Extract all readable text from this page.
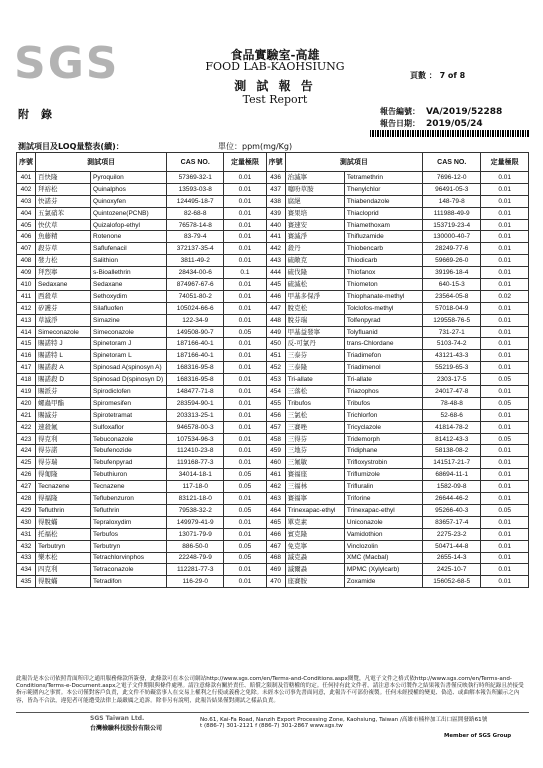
SGS	食品實驗室-高雄
FOOD LAB-KAOHSIUNG
測 試 報 告
Test Report
頁數 ： 7 of 8
附錄	報告編號： VA/2019/52288
報告日期： 2019/05/24
測試項目及LOQ量整表(續)：	單位：ppm(mg/Kg)
序號	測試項目		CAS NO.	定量極限	序號	測試項目		CAS NO.	定量極限
401	百快隆	Pyroquilon	57369-32-1	0.01	436	治滅寧	Tetramethrin	7696-12-0	0.01
402	拜裕松	Quinalphos	13593-03-8	0.01	437	噻吩草胺	Thenylchlor	96491-05-3	0.01
403	快諾芬	Quinoxyfen	124495-18-7	0.01	438	腐絕	Thiabendazole	148-79-8	0.01
404	五氯硝苯	Quintozene(PCNB)	82-68-8	0.01	439	賽果培	Thiacloprid	111988-49-9	0.01
405	快伏草	Quizalofop-ethyl	76578-14-8	0.01	440	賽速安	Thiamethoxam	153719-23-4	0.01
406	魚藤精	Rotenone	83-79-4	0.01	441	賽滅淨	Thifluzamide	130000-40-7	0.01
407	殺芬草	Saflufenacil	372137-35-4	0.01	442	殺丹	Thiobencarb	28249-77-6	0.01
408	發力松	Salithion	3811-49-2	0.01	443	硫敵克	Thiodicarb	59669-26-0	0.01
409	拜烈寧	s-Bioallethrin	28434-00-6	0.1	444	硫伐隆	Thiofanox	39196-18-4	0.01
410	Sedaxane	Sedaxane	874967-67-6	0.01	445	硫滅松	Thiometon	640-15-3	0.01
411	西殺草	Sethoxydim	74051-80-2	0.01	446	甲基多保淨	Thiophanate-methyl	23564-05-8	0.02
412	矽護芬	Silafluofen	105024-66-6	0.01	447	脫克松	Tolclofos-methyl	57018-04-9	0.01
413	草滅淨	Simazine	122-34-9	0.01	448	脫芬瑞	Tolfenpyrad	129558-76-5	0.01
414	Simeconazole	Simeconazole	149508-90-7	0.05	449	甲基益發寧	Tolyfluanid	731-27-1	0.01
415	賜諾特 J	Spinetoram J	187166-40-1	0.01	450	反-可氯丹	trans-Chlordane	5103-74-2	0.01
416	賜諾特 L	Spinetoram L	187166-40-1	0.01	451	三泰芬	Triadimefon	43121-43-3	0.01
417	賜諾殺 A	Spinosad A(spinosyn A)	168316-95-8	0.01	452	三泰隆	Triadimenol	55219-65-3	0.01
418	賜諾殺 D	Spinosad D(spinosyn D)	168316-95-8	0.01	453	Tri-allate	Tri-allate	2303-17-5	0.05
419	賜派芬	Spirodiclofen	148477-71-8	0.01	454	三落松	Triazophos	24017-47-8	0.01
420	螺蟲甲酯	Spiromesifen	283594-90-1	0.01	455	Tribufos	Tribufos	78-48-8	0.05
421	賜滅芬	Spirotetramat	203313-25-1	0.01	456	三氯松	Trichlorfon	52-68-6	0.01
422	速殺氟	Sulfoxaflor	946578-00-3	0.01	457	三賽唑	Tricyclazole	41814-78-2	0.01
423	得克利	Tebuconazole	107534-96-3	0.01	458	三得芬	Tridemorph	81412-43-3	0.05
424	得芬諾	Tebufenozide	112410-23-8	0.01	459	三地芬	Tridiphane	58138-08-2	0.01
425	得芬瑞	Tebufenpyrad	119168-77-3	0.01	460	三氟敏	Trifloxystrobin	141517-21-7	0.01
426	得匍隆	Tebuthiuron	34014-18-1	0.05	461	賽福座	Triflumizole	68694-11-1	0.01
427	Tecnazene	Tecnazene	117-18-0	0.05	462	三福林	Trifluralin	1582-09-8	0.01
428	得福隆	Teflubenzuron	83121-18-0	0.01	463	賽福寧	Triforine	26644-46-2	0.01
429	Tefluthrin	Tefluthrin	79538-32-2	0.05	464	Trinexapac-ethyl	Trinexapac-ethyl	95266-40-3	0.05
430	得脫蟎	Tepraloxydim	149979-41-9	0.01	465	單克素	Uniconazole	83657-17-4	0.01
431	托福松	Terbufos	13071-79-9	0.01	466	賓克隆	Vamidothion	2275-23-2	0.01
432	Terbutryn	Terbutryn	886-50-0	0.05	467	免克寧	Vinclozolin	50471-44-8	0.01
433	樂本松	Tetrachlorvinphos	22248-79-9	0.05	468	滅克蝨	XMC (Macbal)	2655-14-3	0.01
434	四克利	Tetraconazole	112281-77-3	0.01	469	滅爾蝨	MPMC (Xylylcarb)	2425-10-7	0.01
435	得脫蟎	Tetradifon	116-29-0	0.01	470	座賽胺	Zoxamide	156052-68-5	0.01
此報告是本公司依照背面所印之通用服務條款所簽發，此條款可在本公司網站http://www.sgs.com/en/Terms-and-Conditions.aspx閱覽，凡電子文件之格式依http://www.sgs.com/en/Terms-and-Conditions/Terms-e-Document.aspx之電子文件期限與條件處理。請注意條款有關於責任、賠償之限制及管轄權的約定。任何持有此文件者，請注意本公司製作之結果報告書僅反映執行時所紀錄且於接受指示範圍內之事實。本公司僅對客戶負責，此文件不妨礙當事人在交易上權利之行使或義務之免除。未經本公司事先書面同意，此報告不可部份複製。任何未經授權的變更、偽造、或曲解本報告所顯示之內容，皆為不合法，違犯者可能遭受法律上最嚴厲之追訴。除非另有說明，此報告結果僅對測試之樣品負責。
SGS Taiwan Ltd.
台灣檢驗科技股份有限公司
No.61, Kai-Fa Road, Nanzih Export Processing Zone, Kaohsiung, Taiwan /高雄市楠梓加工出口區開發路61號
t (886-7) 301-2121 f (886-7) 301-2867 www.sgs.tw
Member of SGS Group
